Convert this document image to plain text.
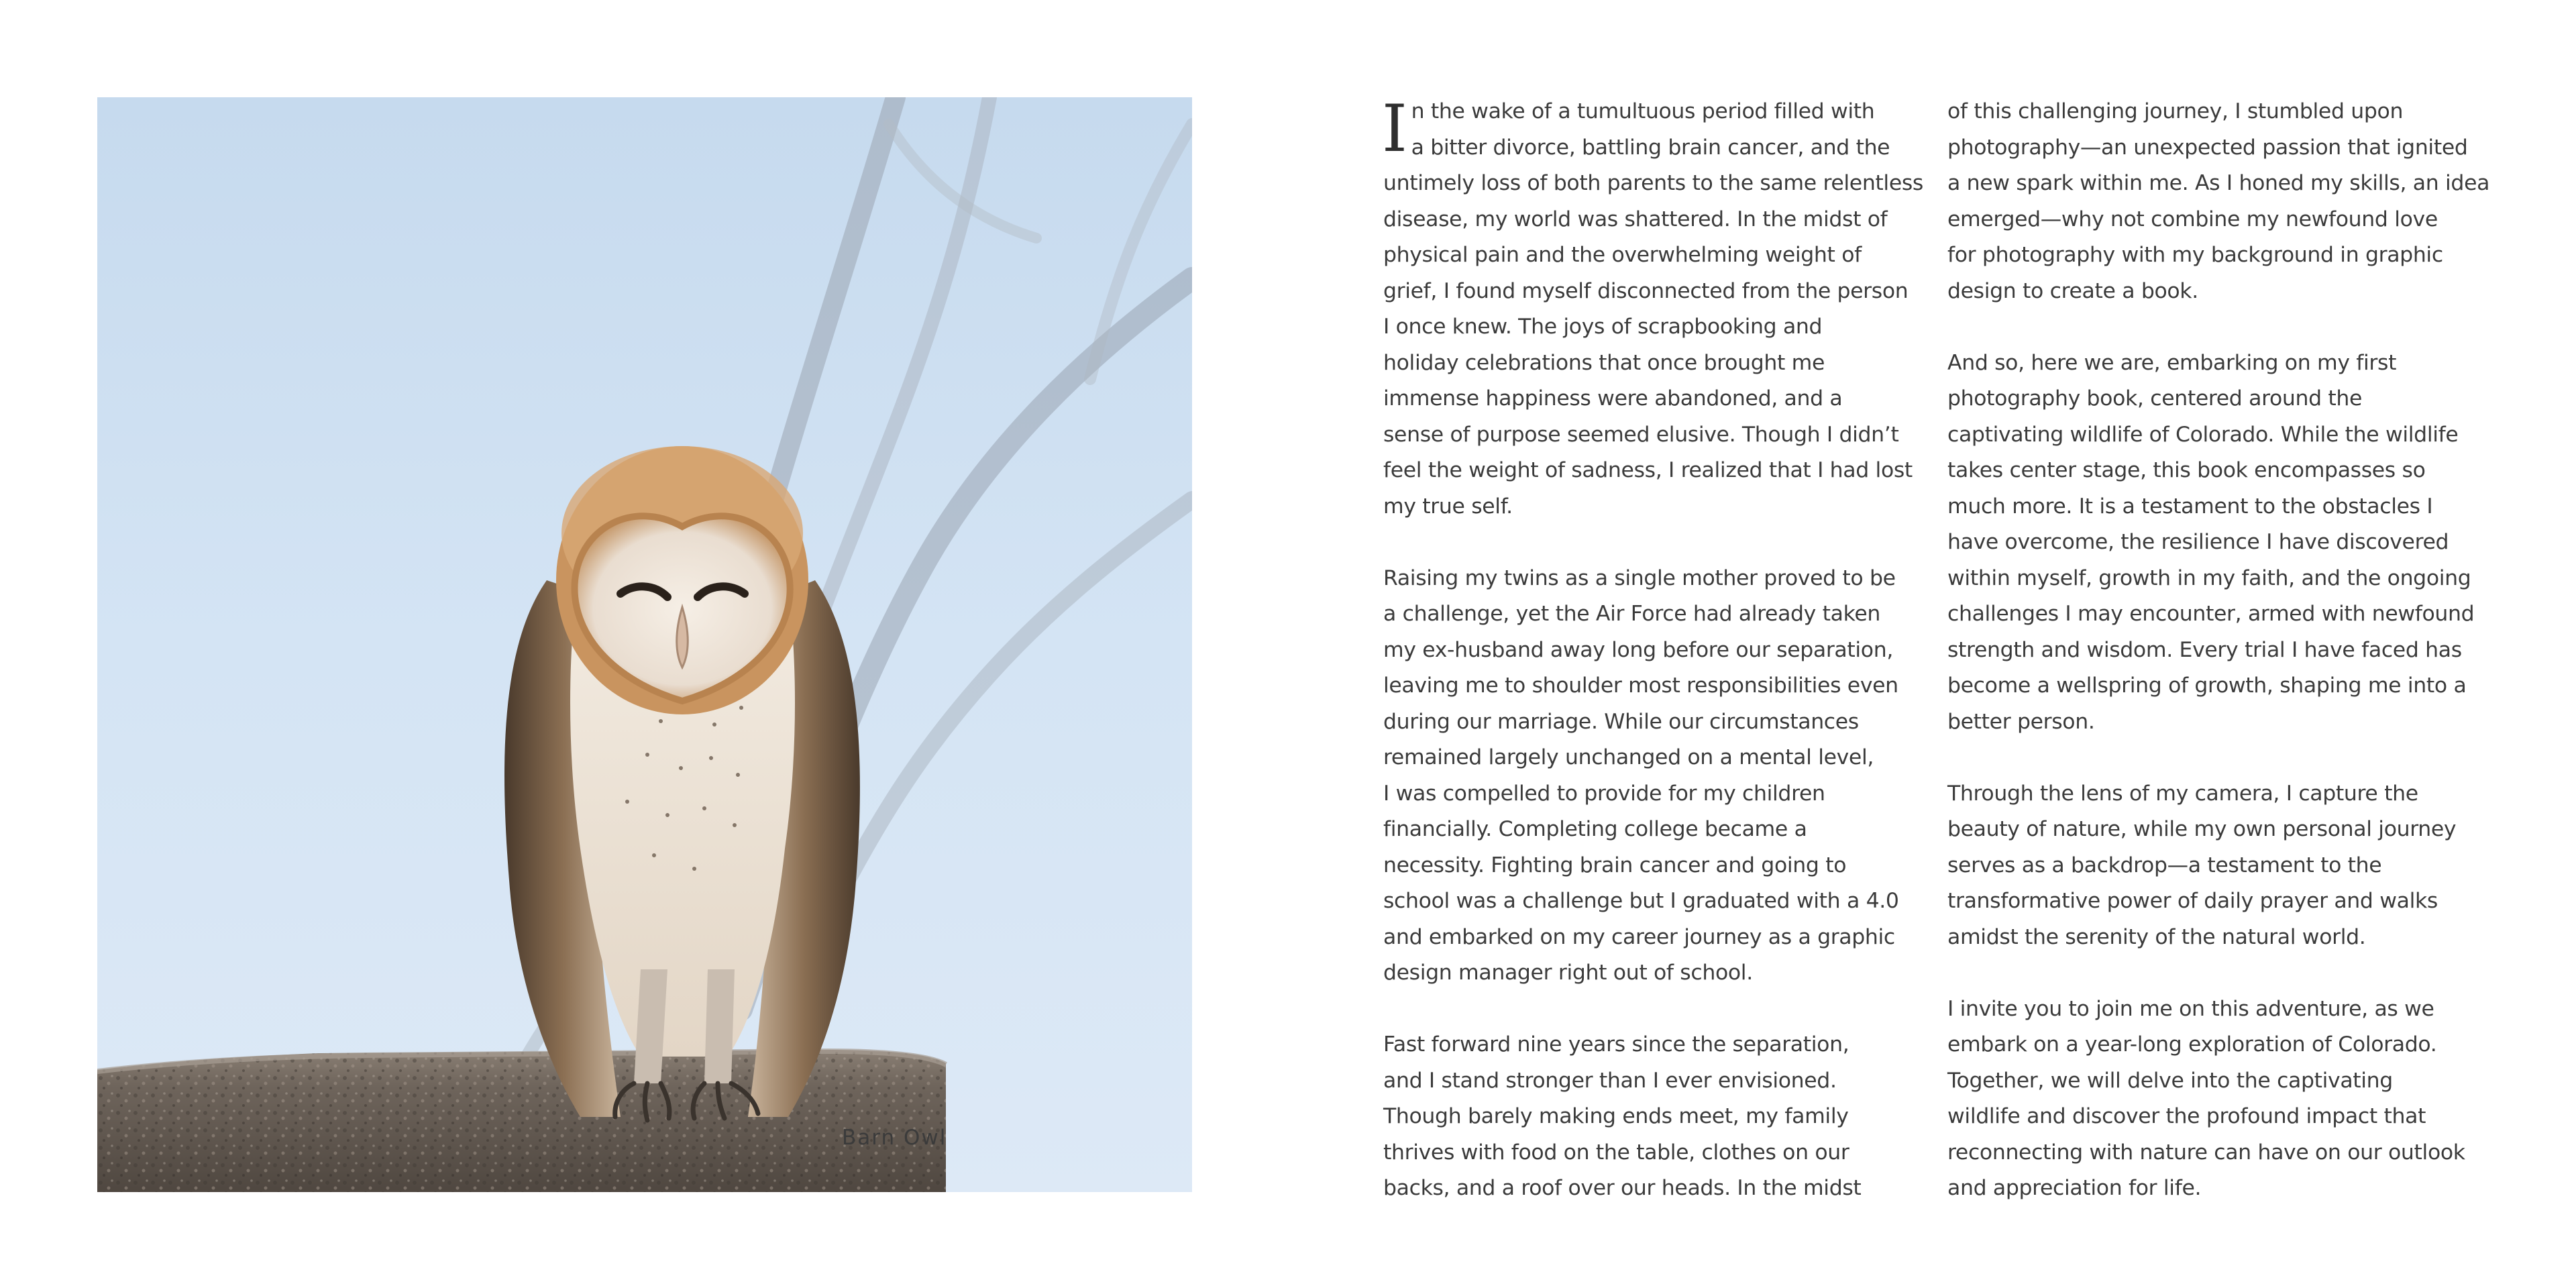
Barn Owl

I n the wake of a tumultuous period filled with
a bitter divorce, battling brain cancer, and the
untimely loss of both parents to the same relentless
disease, my world was shattered. In the midst of
physical pain and the overwhelming weight of
grief, I found myself disconnected from the person
I once knew. The joys of scrapbooking and
holiday celebrations that once brought me
immense happiness were abandoned, and a
sense of purpose seemed elusive. Though I didn’t
feel the weight of sadness, I realized that I had lost
my true self.

Raising my twins as a single mother proved to be
a challenge, yet the Air Force had already taken
my ex-husband away long before our separation,
leaving me to shoulder most responsibilities even
during our marriage. While our circumstances
remained largely unchanged on a mental level,
I was compelled to provide for my children
financially. Completing college became a
necessity. Fighting brain cancer and going to
school was a challenge but I graduated with a 4.0
and embarked on my career journey as a graphic
design manager right out of school.

Fast forward nine years since the separation,
and I stand stronger than I ever envisioned.
Though barely making ends meet, my family
thrives with food on the table, clothes on our
backs, and a roof over our heads. In the midst

of this challenging journey, I stumbled upon
photography—an unexpected passion that ignited
a new spark within me. As I honed my skills, an idea
emerged—why not combine my newfound love
for photography with my background in graphic
design to create a book.

And so, here we are, embarking on my first
photography book, centered around the
captivating wildlife of Colorado. While the wildlife
takes center stage, this book encompasses so
much more. It is a testament to the obstacles I
have overcome, the resilience I have discovered
within myself, growth in my faith, and the ongoing
challenges I may encounter, armed with newfound
strength and wisdom. Every trial I have faced has
become a wellspring of growth, shaping me into a
better person.

Through the lens of my camera, I capture the
beauty of nature, while my own personal journey
serves as a backdrop—a testament to the
transformative power of daily prayer and walks
amidst the serenity of the natural world.

I invite you to join me on this adventure, as we
embark on a year-long exploration of Colorado.
Together, we will delve into the captivating
wildlife and discover the profound impact that
reconnecting with nature can have on our outlook
and appreciation for life.
